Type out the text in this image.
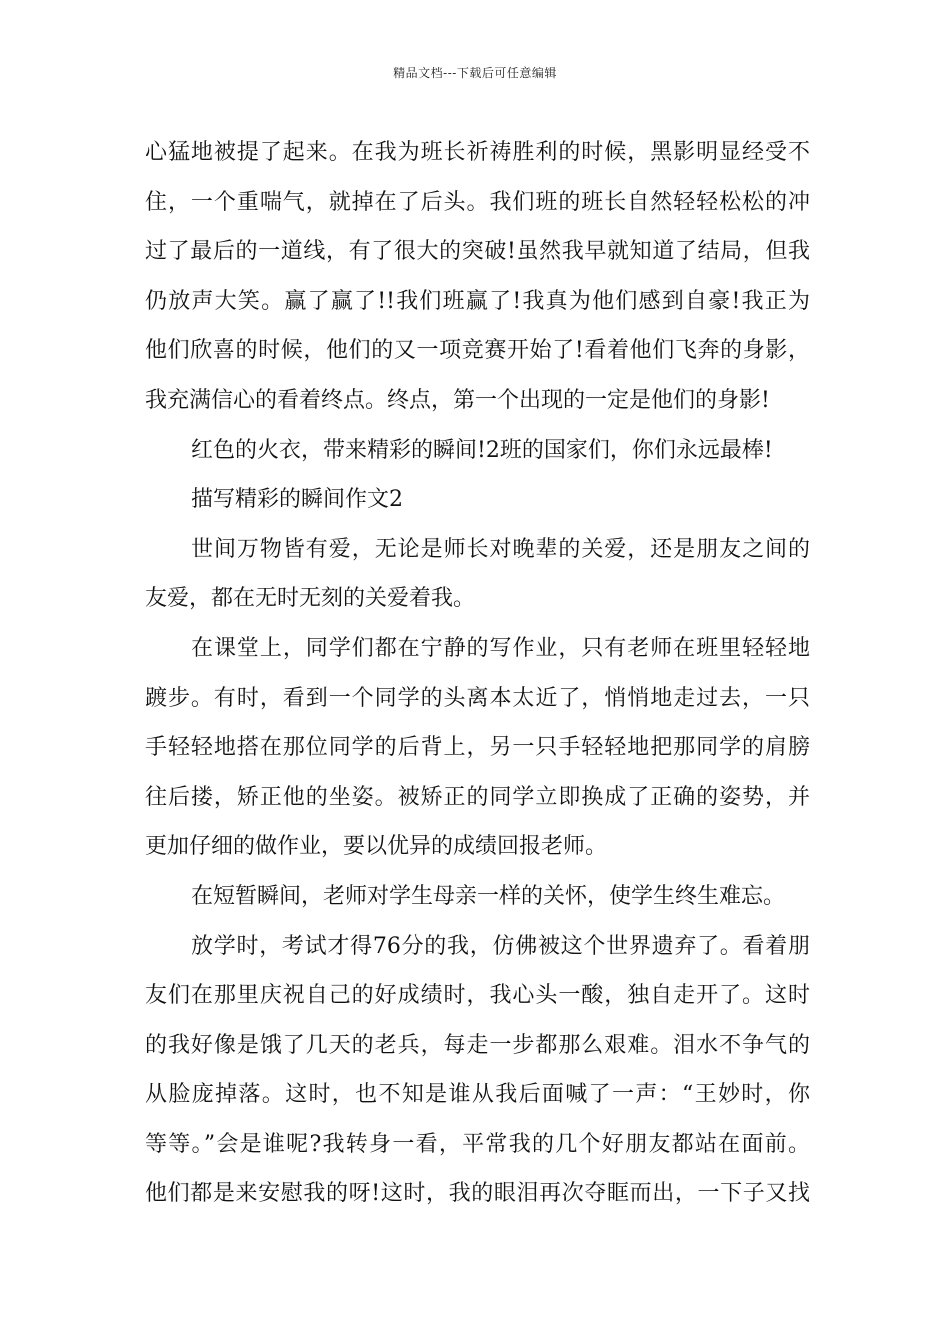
精品文档---下载后可任意编辑
心猛地被提了起来。在我为班长祈祷胜利的时候，黑影明显经受不
住，一个重喘气，就掉在了后头。我们班的班长自然轻轻松松的冲
过了最后的一道线，有了很大的突破!虽然我早就知道了结局，但我
仍放声大笑。赢了赢了!!我们班赢了!我真为他们感到自豪!我正为
他们欣喜的时候，他们的又一项竞赛开始了!看着他们飞奔的身影，
我充满信心的看着终点。终点，第一个出现的一定是他们的身影!
红色的火衣，带来精彩的瞬间!2班的国家们，你们永远最棒!
描写精彩的瞬间作文2
世间万物皆有爱，无论是师长对晚辈的关爱，还是朋友之间的
友爱，都在无时无刻的关爱着我。
在课堂上，同学们都在宁静的写作业，只有老师在班里轻轻地
踱步。有时，看到一个同学的头离本太近了，悄悄地走过去，一只
手轻轻地搭在那位同学的后背上，另一只手轻轻地把那同学的肩膀
往后搂，矫正他的坐姿。被矫正的同学立即换成了正确的姿势，并
更加仔细的做作业，要以优异的成绩回报老师。
在短暂瞬间，老师对学生母亲一样的关怀，使学生终生难忘。
放学时，考试才得76分的我，仿佛被这个世界遗弃了。看着朋
友们在那里庆祝自己的好成绩时，我心头一酸，独自走开了。这时
的我好像是饿了几天的老兵，每走一步都那么艰难。泪水不争气的
从脸庞掉落。这时，也不知是谁从我后面喊了一声：“王妙时，你
等等。”会是谁呢?我转身一看，平常我的几个好朋友都站在面前。
他们都是来安慰我的呀!这时，我的眼泪再次夺眶而出，一下子又找
